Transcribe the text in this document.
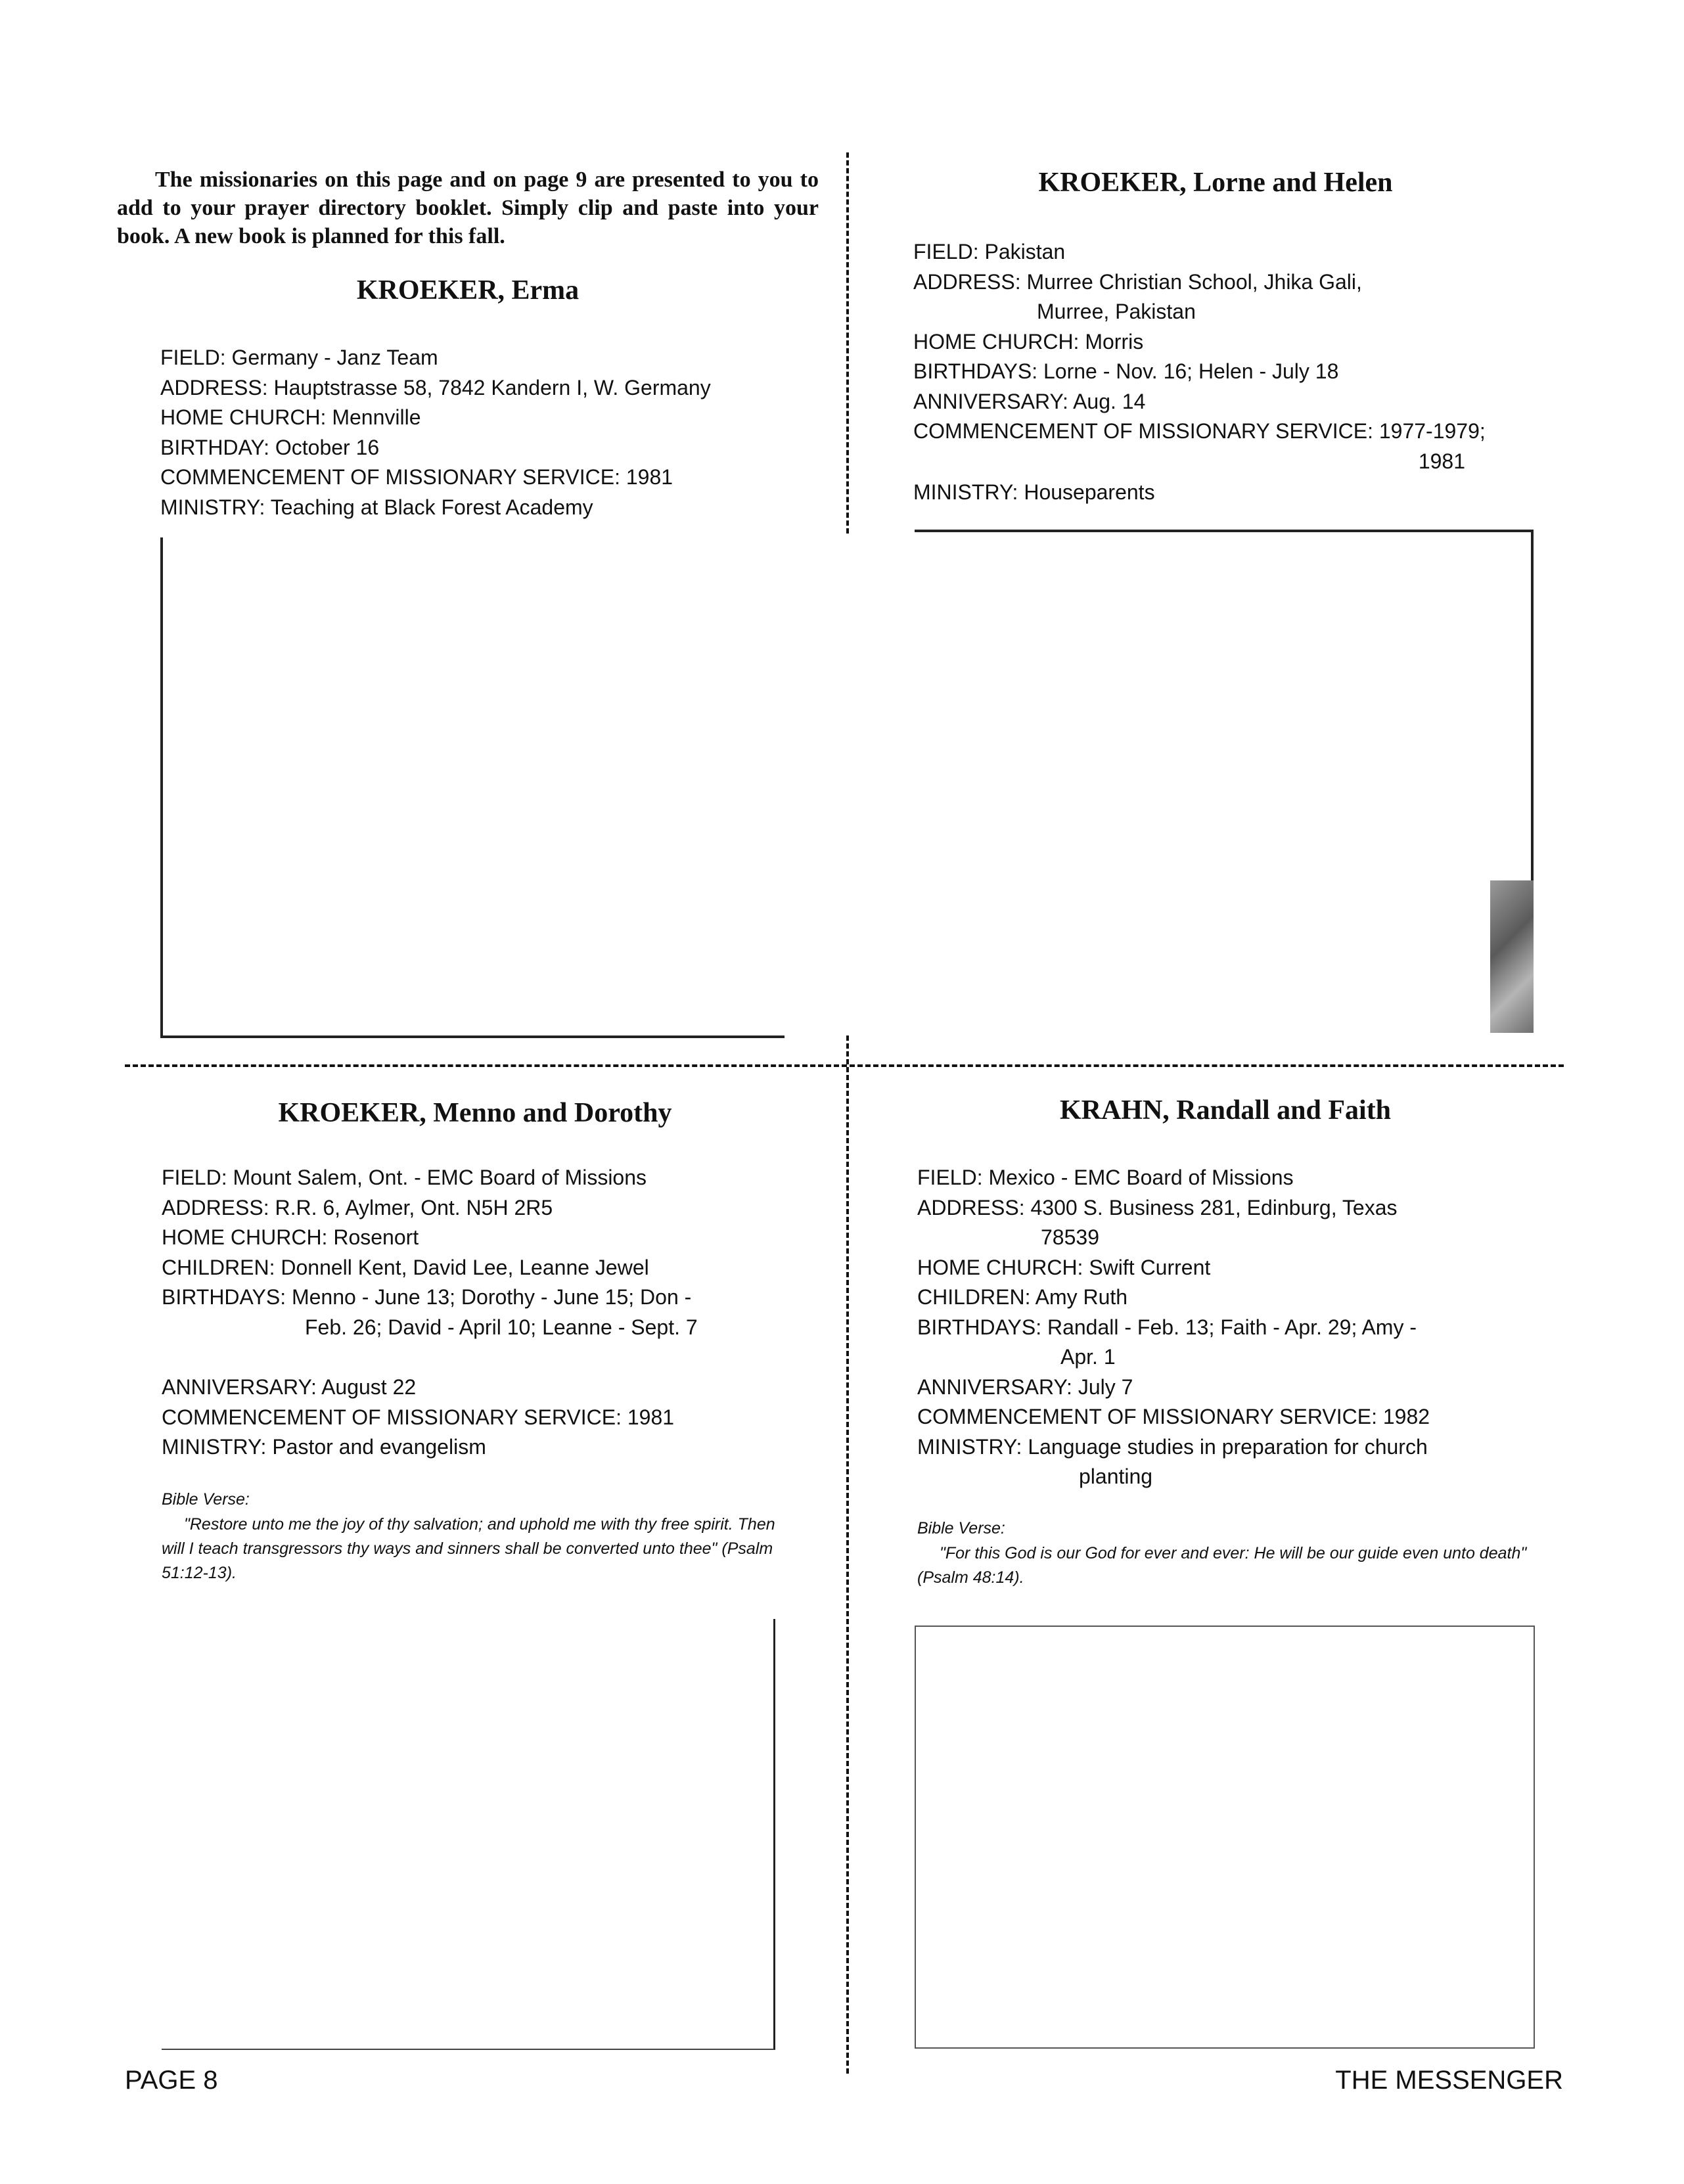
The missionaries on this page and on page 9 are presented to you to add to your prayer directory booklet. Simply clip and paste into your book. A new book is planned for this fall.
KROEKER, Erma
FIELD: Germany - Janz Team
ADDRESS: Hauptstrasse 58, 7842 Kandern I, W. Germany
HOME CHURCH: Mennville
BIRTHDAY: October 16
COMMENCEMENT OF MISSIONARY SERVICE: 1981
MINISTRY: Teaching at Black Forest Academy
KROEKER, Lorne and Helen
FIELD: Pakistan
ADDRESS: Murree Christian School, Jhika Gali,
Murree, Pakistan
HOME CHURCH: Morris
BIRTHDAYS: Lorne - Nov. 16; Helen - July 18
ANNIVERSARY: Aug. 14
COMMENCEMENT OF MISSIONARY SERVICE: 1977-1979;
1981
MINISTRY: Houseparents
KROEKER, Menno and Dorothy
FIELD: Mount Salem, Ont. - EMC Board of Missions
ADDRESS: R.R. 6, Aylmer, Ont. N5H 2R5
HOME CHURCH: Rosenort
CHILDREN: Donnell Kent, David Lee, Leanne Jewel
BIRTHDAYS: Menno - June 13; Dorothy - June 15; Don -
Feb. 26; David - April 10; Leanne - Sept. 7
ANNIVERSARY: August 22
COMMENCEMENT OF MISSIONARY SERVICE: 1981
MINISTRY: Pastor and evangelism
Bible Verse:
"Restore unto me the joy of thy salvation; and uphold me with thy free spirit. Then will I teach transgressors thy ways and sinners shall be converted unto thee" (Psalm 51:12-13).
KRAHN, Randall and Faith
FIELD: Mexico - EMC Board of Missions
ADDRESS: 4300 S. Business 281, Edinburg, Texas
78539
HOME CHURCH: Swift Current
CHILDREN: Amy Ruth
BIRTHDAYS: Randall - Feb. 13; Faith - Apr. 29; Amy -
Apr. 1
ANNIVERSARY: July 7
COMMENCEMENT OF MISSIONARY SERVICE: 1982
MINISTRY: Language studies in preparation for church
planting
Bible Verse:
"For this God is our God for ever and ever: He will be our guide even unto death" (Psalm 48:14).
PAGE 8	THE MESSENGER
